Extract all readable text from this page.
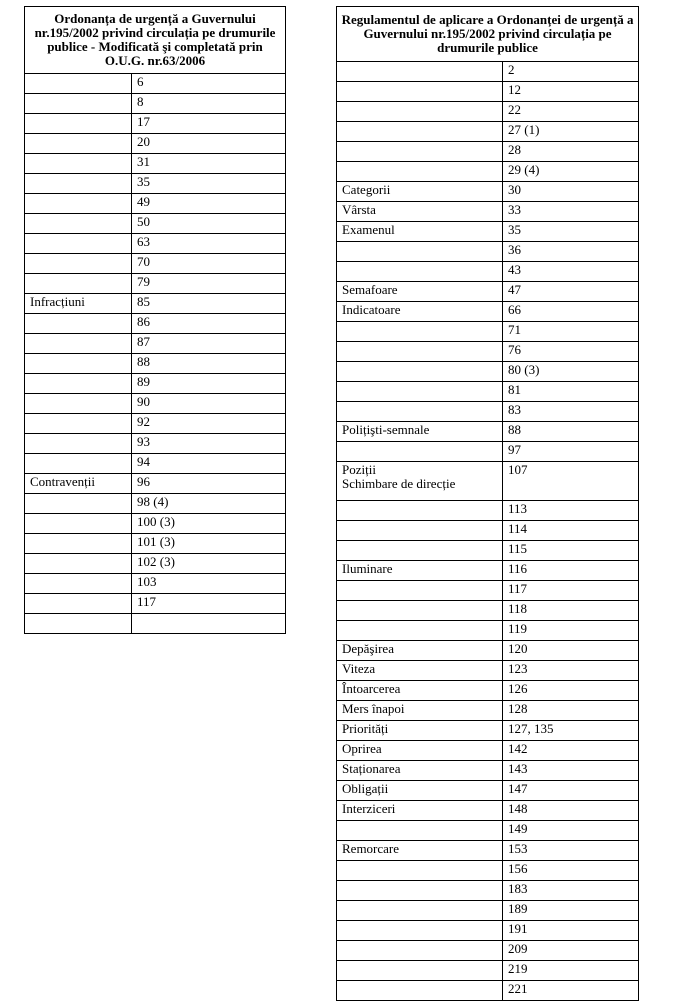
Ordonanța de urgență a Guvernului nr.195/2002 privind circulația pe drumurile publice - Modificată şi completată prin O.U.G. nr.63/2006	
	6
	8
	17
	20
	31
	35
	49
	50
	63
	70
	79
Infracțiuni	85
	86
	87
	88
	89
	90
	92
	93
	94
Contravenții	96
	98 (4)
	100 (3)
	101 (3)
	102 (3)
	103
	117

Regulamentul de aplicare a Ordonanței de urgență a Guvernului nr.195/2002 privind circulația pe drumurile publice	
	2
	12
	22
	27 (1)
	28
	29 (4)
Categorii	30
Vârsta	33
Examenul	35
	36
	43
Semafoare	47
Indicatoare	66
	71
	76
	80 (3)
	81
	83
Polițişti-semnale	88
	97
Poziții
Schimbare de direcție	107
	113
	114
	115
Iluminare	116
	117
	118
	119
Depăşirea	120
Viteza	123
Întoarcerea	126
Mers înapoi	128
Priorități	127, 135
Oprirea	142
Staționarea	143
Obligații	147
Interziceri	148
	149
Remorcare	153
	156
	183
	189
	191
	209
	219
	221
